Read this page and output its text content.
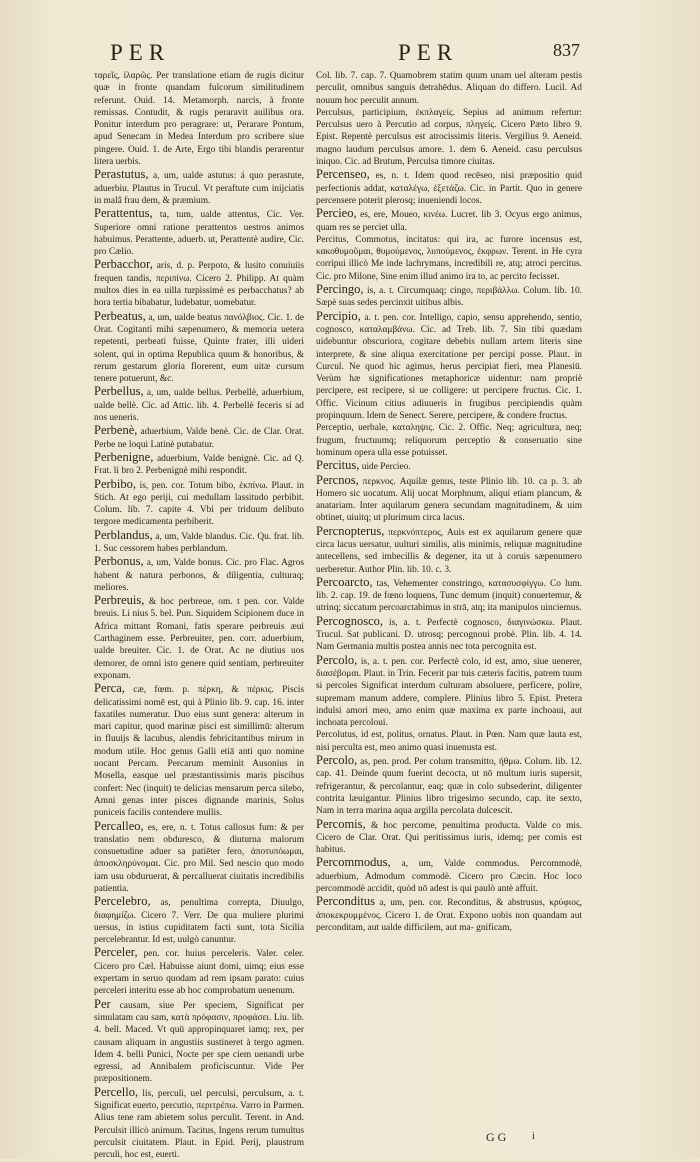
PER	PER	837

ταρεῖς, ἰλαρῶς. Per translatione etiam de rugis dicitur quæ in fronte quandam fulcorum similitudinem referunt. Ouid. 14. Metamorph. narcis, à fronte remissas. Contudit, & rugis peraravit auilibus ora. Ponitur interdum pro peragrare: ut, Perarare Pontum, apud Senecam in Medea Interdum pro scribere siue pingere. Ouid. 1. de Arte, Ergo tibi blandis perarentur litera uerbis.

Perastutus, a, um, ualde astutus: á quo perastute, aduerbiu. Plautus in Trucul. Vt peraftute cum inijciatis in malâ frau dem, & præmium.

Perattentus, ta, tum, ualde attentus, Cic. Ver. Superiore omni ratione perattentos uestros animos habuimus. Perattente, aduerb. ut, Perattentè audire, Cic. pro Cælio.

Perbacchor, aris, d. p. Perpoto, & lusito conuiuiis frequen tandis, περιπίνω. Cicero 2. Philipp. At quàm multos dies in ea uilla turpissimè es perbacchatus? ab hora tertia bibabatur, ludebatur, uomebatur.

Perbeatus, a, um, ualde beatus πανόλβιος. Cic. 1. de Orat. Cogitanti mihi sæpenumero, & memoria uetera repetenti, perbeati fuisse, Quinte frater, illi uideri solent, qui in optima Republica quum & honoribus, & rerum gestarum gloria florerent, eum uitæ cursum tenere potuerunt, &c.

Perbellus, a, um, ualde bellus. Perbellè, aduerbium, ualde bellè. Cic. ad Attic. lib. 4. Perbellè feceris si ad nos ueneris.

Perbenè, aduerbium, Valde benè. Cic. de Clar. Orat. Perbe ne loqui Latinè putabatur.

Perbenigne, aduerbium, Valde benignè. Cic. ad Q. Frat. li bro 2. Perbenignè mihi respondit.

Perbibo, is, pen. cor. Totum bibo, ἐκπίνω. Plaut. in Stich. At ego periji, cui medullam lassitudo perbibit. Colum. lib. 7. capite 4. Vbi per triduum delibuto tergore medicamenta perbiberit.

Perblandus, a, um, Valde blandus. Cic. Qu. frat. lib. 1. Suc cessorem habes perblandum.

Perbonus, a, um, Valde bonus. Cic. pro Flac. Agros habent & natura perbonos, & diligentia, culturaq; meliores.

Perbreuis, & hoc perbreue, om. t pen. cor. Valde breuis. Li nius 5. bel. Pun. Siquidem Scipionem duce in Africa mittant Romani, fatis sperare perbreuis æui Carthaginem esse. Perbreuiter, pen. corr. aduerbium, ualde breuiter. Cic. 1. de Orat. Ac ne diutius uos demorer, de omni isto genere quid sentiam, perbreuiter exponam.

Perca, cæ, fœm. p. πέρκη, & πέρκις. Piscis delicatissimi nomē est, qui à Plinio lib. 9. cap. 16. inter faxatiles numeratur. Duo eius sunt genera: alterum in mari capitur, quod marinæ pisci est simillimū: alterum in fluuijs & lacubus, alendis febricitantibus mirum in modum utile. Hoc genus Galli etiā anti quo nomine uocant Percam. Percarum meminit Ausonius in Mosella, easque uel præstantissimis maris piscibus confert: Nec (inquit) te delicias mensarum perca silebo, Amni genas inter pisces dignande marinis, Solus puniceis facilis contendere mullis.

Percalleo, es, ere, n. t. Totus callosus fum: & per translatio nem obduresco, & diuturna malorum consuetudine aduer sa patiēter fero, ἀποτυπόωμαι, ἀποσκληρύνομαι. Cic. pro Mil. Sed nescio quo modo iam usu obduruerat, & percalluerat ciuitatis incredibilis patientia.

Percelebro, as, penultima correpta, Diuulgo, διαφημίζω. Cicero 7. Verr. De qua muliere plurimi uersus, in istius cupiditatem facti sunt, tota Sicilia percelebrantur. Id est, uulgò canuntur.

Perceler, pen. cor. huius perceleris. Valer. celer. Cicero pro Cæl. Habuisse aiunt domi, uimq; eius esse expertam in seruo quodam ad rem ipsam parato: cuius perceleri interitu esse ab hoc comprobatum uenenum.

Per causam, siue Per speciem, Significat per simulatam cau sam, κατὰ πρόφασιν, προφάσει. Liu. lib. 4. bell. Maced. Vt quū appropinquaret iamq; rex, per causam aliquam in angustiis sustineret à tergo agmen. Idem 4. belli Punici, Nocte per spe ciem uenandi urbe egressi, ad Annibalem proficiscuntur. Vide Per præpositionem.

Percello, lis, perculi, uel perculsi, perculsum, a. t. Significat euerto, percutio, περιτρέπω. Varro in Parmen. Alius tene ram abietem solus perculit. Terent. in And. Perculsit illicò animum. Tacitus, Ingens rerum tumultus perculsit ciuitatem. Plaut. in Epid. Perij, plaustrum perculi, hoc est, euerti.

Col. lib. 7. cap. 7. Quamobrem statim quum unam uel alteram pestis perculit, omnibus sanguis detrahēdus. Aliquan do differo. Lucil. Ad nouum hoc perculit annum.

Perculsus, participium, ἐκπλαγείς. Sepius ad animum refertur: Perculsus uero à Percutio ad corpus, πληγείς. Cicero Pæto libro 9. Epist. Repentè perculsus est atrocissimis literis. Vergilius 9. Aeneid. magno laudum perculsus amore. 1. dem 6. Aeneid. casu perculsus iniquo. Cic. ad Brutum, Perculsa timore ciuitas.

Percenseo, es, n. t. Idem quod recēseo, nisi præpositio quid perfectionis addat, καταλέγω, ἐξετάζω. Cic. in Partit. Quo in genere percensere poterit plerosq; inueniendi locos.

Percieo, es, ere, Moueo, κινέω. Lucret. lib 3. Ocyus ergo animus, quam res se perciet ulla.

Percitus, Commotus, incitatus: qui ira, ac furore incensus est, κακοθυμοῦμαι, θυμούμενος, λυπούμενος, ἐκφρων. Terent. in He cyra corripui illicò Me inde lachrymans, incredibili re, atq; atroci percitus. Cic. pro Milone, Sine enim illud animo ira to, ac percito fecisset.

Percingo, is, a. t. Circumquaq; cingo, περιβάλλω. Colum. lib. 10. Sæpè suas sedes percinxit uitibus albis.

Percipio, a. t. pen. cor. Intelligo, capio, sensu apprehendo, sentio, cognosco, καταλαμβάνω. Cic. ad Treb. lib. 7. Sin tibi quædam uidebuntur obscuriora, cogitare debebis nullam artem literis sine interprete, & sine aliqua exercitatione per percipi posse. Plaut. in Curcul. Ne quod hic agimus, herus percipiat fieri, mea Planesiū. Verùm hæ significationes metaphoricæ uidentur: nam propriè percipere, est recipere, si ue colligere: ut percipere fructus. Cic. 1. Offic. Vicinum citius adiuueris in frugibus percipiendis quàm propinquum. Idem de Senect. Serere, percipere, & condere fructus.

Perceptio, uerbale, καταληψις. Cic. 2. Offic. Neq; agricultura, neq; frugum, fructuumq; reliquorum perceptio & conseruatio sine hominum opera ulla esse potuisset.

Percitus, uide Percieo.

Percnos, περκνος. Aquilæ genus, teste Plinio lib. 10. ca p. 3. ab Homero sic uocatum. Alij uocat Morphnum, aliqui etiam plancum, & anatariam. Inter aquilarum genera secundam magnitudinem, & uim obtinet, uiuitq; ut plurimum circa lacus.

Percnopterus, περκνόπτερος, Auis est ex aquilarum genere quæ circa lacus uersatur, uulturi similis, alis minimis, reliquæ magnitudine antecellens, sed imbecillis & degener, ita ut à coruis sæpenumero uerberetur. Author Plin. lib. 10. c. 3.

Percoarcto, tas, Vehementer constringo, κατασυσφίγγω. Co lum. lib. 2. cap. 19. de fœno loquens, Tunc demum (inquit) conuertemur, & utrinq; siccatum percoarctabimus in strā, atq; ita manipulos uinciemus.

Percognosco, is, a. t. Perfectè cognosco, διαγινώσκω. Plaut. Trucul. Sat publicani. D. utrosq; percognoui probè. Plin. lib. 4. 14. Nam Germania multis postea annis nec tota percognita est.

Percolo, is, a. t. pen. cor. Perfectè colo, id est, amo, siue uenerer, διασέβομαι. Plaut. in Trin. Fecerit par tuis cæteris facitis, patrem tuum si percoles Significat interdum culturam absoluere, perficere, polire, supremam manum addere, complere. Plinius libro 5. Epist. Pretera indulsi amori meo, amo enim quæ maxima ex parte inchoaui, aut inchoata percoloui.

Percolutus, id est, politus, ornatus. Plaut. in Pœn. Nam quæ lauta est, nisi perculta est, meo animo quasi inuenusta est.

Percolo, as, pen. prod. Per colum transmitto, ἠθμω. Colum. lib. 12. cap. 41. Deinde quum fuerint decocta, ut nō multum iuris supersit, refrigerantur, & percolantur, eaq; quæ in colo subsederint, diligenter contrita læuigantur. Plinius libro trigesimo secundo, cap. ite sexto, Nam in terra marina aqua argilla percolata dulcescit.

Percomis, & hoc percome, penultima producta. Valde co mis. Cicero de Clar. Orat. Qui peritissimus iuris, idemq; per comis est habitus.

Percommodus, a, um, Valde commodus. Percommodè, aduerbium, Admodum commodè. Cicero pro Cæcin. Hoc loco percommodè accidit, quòd nō adest is qui paulò antè affuit.

Perconditus a, um, pen. cor. Reconditus, & abstrusus, κρύφιος, ἀποκεκρυμμένος. Cicero 1. de Orat. Expono uobis non quandam aut perconditam, aut ualde difficilem, aut ma- gnificam,

GG i
